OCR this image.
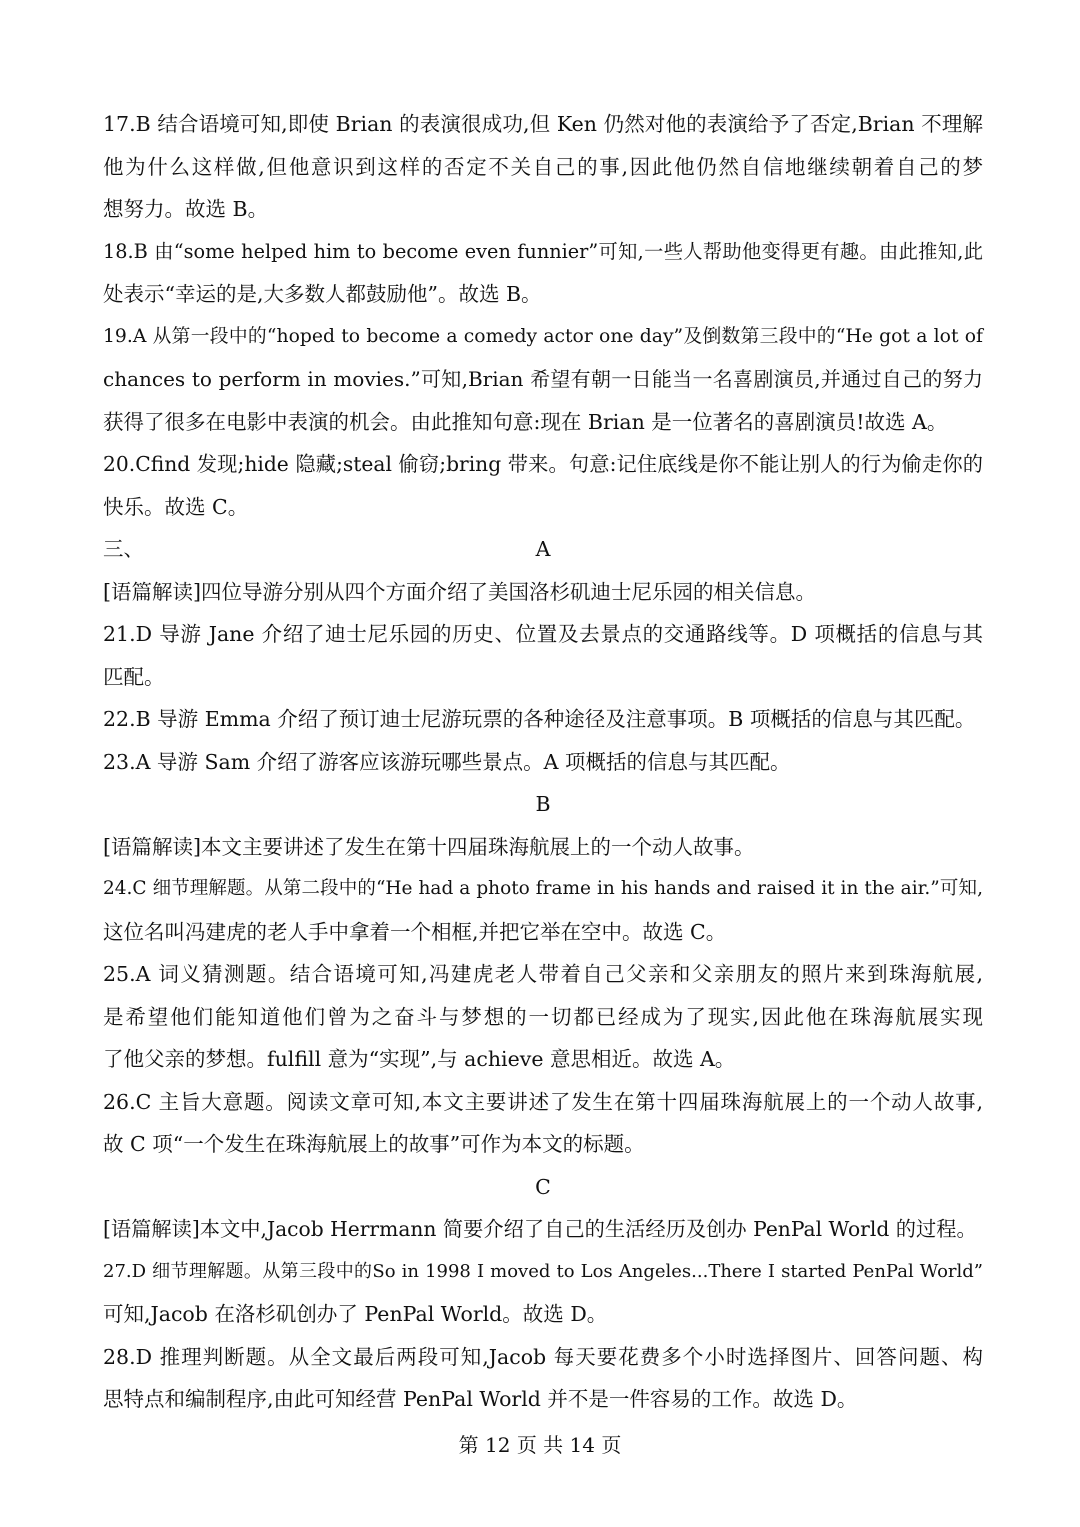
17.B 结合语境可知,即使 Brian 的表演很成功,但 Ken 仍然对他的表演给予了否定,Brian 不理解
他为什么这样做,但他意识到这样的否定不关自己的事,因此他仍然自信地继续朝着自己的梦
想努力。故选 B。
18.B 由“some helped him to become even funnier”可知,一些人帮助他变得更有趣。由此推知,此
处表示“幸运的是,大多数人都鼓励他”。故选 B。
19.A 从第一段中的“hoped to become a comedy actor one day”及倒数第三段中的“He got a lot of
chances to perform in movies.”可知,Brian 希望有朝一日能当一名喜剧演员,并通过自己的努力
获得了很多在电影中表演的机会。由此推知句意:现在 Brian 是一位著名的喜剧演员!故选 A。
20.Cfind 发现;hide 隐藏;steal 偷窃;bring 带来。句意:记住底线是你不能让别人的行为偷走你的
快乐。故选 C。
三、	A
[语篇解读]四位导游分别从四个方面介绍了美国洛杉矶迪士尼乐园的相关信息。
21.D 导游 Jane 介绍了迪士尼乐园的历史、位置及去景点的交通路线等。D 项概括的信息与其
匹配。
22.B 导游 Emma 介绍了预订迪士尼游玩票的各种途径及注意事项。B 项概括的信息与其匹配。
23.A 导游 Sam 介绍了游客应该游玩哪些景点。A 项概括的信息与其匹配。
B
[语篇解读]本文主要讲述了发生在第十四届珠海航展上的一个动人故事。
24.C 细节理解题。从第二段中的“He had a photo frame in his hands and raised it in the air.”可知,
这位名叫冯建虎的老人手中拿着一个相框,并把它举在空中。故选 C。
25.A 词义猜测题。结合语境可知,冯建虎老人带着自己父亲和父亲朋友的照片来到珠海航展,
是希望他们能知道他们曾为之奋斗与梦想的一切都已经成为了现实,因此他在珠海航展实现
了他父亲的梦想。fulfill 意为“实现”,与 achieve 意思相近。故选 A。
26.C 主旨大意题。阅读文章可知,本文主要讲述了发生在第十四届珠海航展上的一个动人故事,
故 C 项“一个发生在珠海航展上的故事”可作为本文的标题。
C
[语篇解读]本文中,Jacob Herrmann 简要介绍了自己的生活经历及创办 PenPal World 的过程。
27.D 细节理解题。从第三段中的So in 1998 I moved to Los Angeles...There I started PenPal World”
可知,Jacob 在洛杉矶创办了 PenPal World。故选 D。
28.D 推理判断题。从全文最后两段可知,Jacob 每天要花费多个小时选择图片、回答问题、构
思特点和编制程序,由此可知经营 PenPal World 并不是一件容易的工作。故选 D。
第 12 页 共 14 页
